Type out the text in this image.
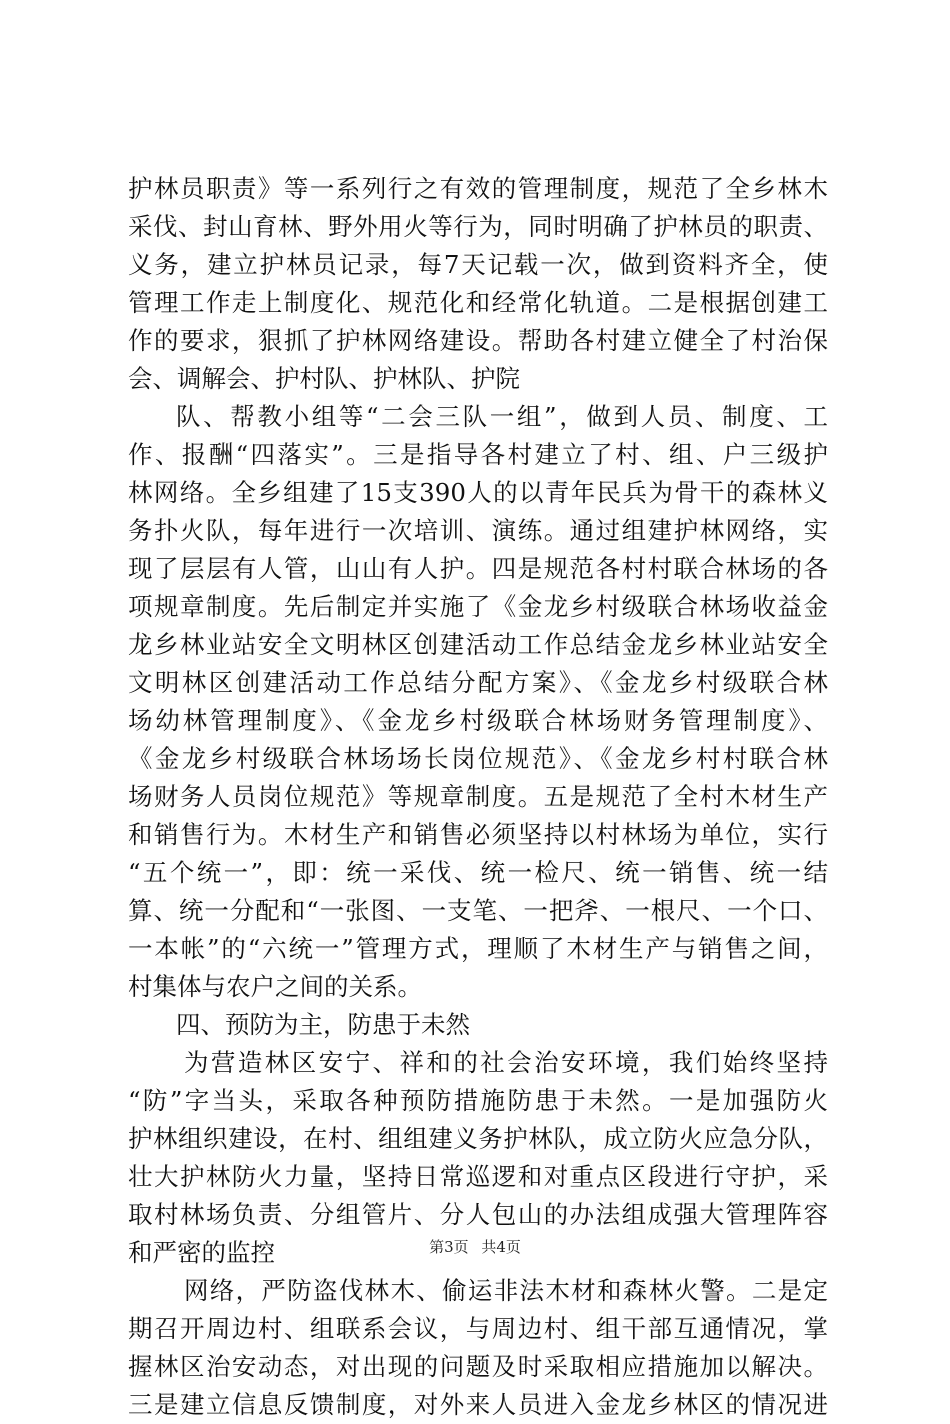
护林员职责》等一系列行之有效的管理制度，规范了全乡林木
采伐、封山育林、野外用火等行为，同时明确了护林员的职责、
义务，建立护林员记录，每7天记载一次，做到资料齐全，使
管理工作走上制度化、规范化和经常化轨道。二是根据创建工
作的要求，狠抓了护林网络建设。帮助各村建立健全了村治保
会、调解会、护村队、护林队、护院
队、帮教小组等“二会三队一组”，做到人员、制度、工
作、报酬“四落实”。三是指导各村建立了村、组、户三级护
林网络。全乡组建了15支390人的以青年民兵为骨干的森林义
务扑火队，每年进行一次培训、演练。通过组建护林网络，实
现了层层有人管，山山有人护。四是规范各村村联合林场的各
项规章制度。先后制定并实施了《金龙乡村级联合林场收益金
龙乡林业站安全文明林区创建活动工作总结金龙乡林业站安全
文明林区创建活动工作总结分配方案》、《金龙乡村级联合林
场幼林管理制度》、《金龙乡村级联合林场财务管理制度》、
《金龙乡村级联合林场场长岗位规范》、《金龙乡村村联合林
场财务人员岗位规范》等规章制度。五是规范了全村木材生产
和销售行为。木材生产和销售必须坚持以村林场为单位，实行
“五个统一”，即：统一采伐、统一检尺、统一销售、统一结
算、统一分配和“一张图、一支笔、一把斧、一根尺、一个口、
一本帐”的“六统一”管理方式，理顺了木材生产与销售之间，
村集体与农户之间的关系。
四、预防为主，防患于未然
为营造林区安宁、祥和的社会治安环境，我们始终坚持
“防”字当头，采取各种预防措施防患于未然。一是加强防火
护林组织建设，在村、组组建义务护林队，成立防火应急分队，
壮大护林防火力量，坚持日常巡逻和对重点区段进行守护，采
取村林场负责、分组管片、分人包山的办法组成强大管理阵容
和严密的监控
网络，严防盗伐林木、偷运非法木材和森林火警。二是定
期召开周边村、组联系会议，与周边村、组干部互通情况，掌
握林区治安动态，对出现的问题及时采取相应措施加以解决。
三是建立信息反馈制度，对外来人员进入金龙乡林区的情况进
第3页 共4页
